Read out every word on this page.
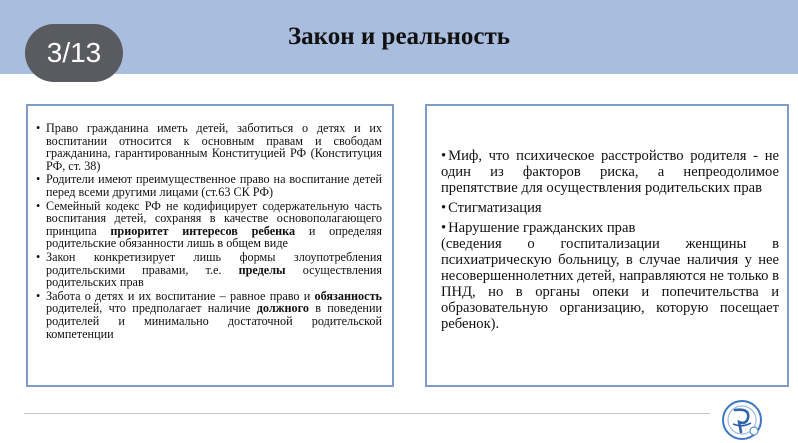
Закон и реальность
3/13
• Право гражданина иметь детей, заботиться о детях и их воспитании относится к основным правам и свободам гражданина, гарантированным Конституцией РФ (Конституция РФ, ст. 38)
• Родители имеют преимущественное право на воспитание детей перед всеми другими лицами (ст.63 СК РФ)
• Семейный кодекс РФ не кодифицирует содержательную часть воспитания детей, сохраняя в качестве основополагающего принципа приоритет интересов ребенка и определяя родительские обязанности лишь в общем виде
• Закон конкретизирует лишь формы злоупотребления родительскими правами, т.е. пределы осуществления родительских прав
• Забота о детях и их воспитание – равное право и обязанность родителей, что предполагает наличие должного в поведении родителей и минимально достаточной родительской компетенции

• Миф, что психическое расстройство родителя - не один из факторов риска, а непреодолимое препятствие для осуществления родительских прав

• Стигматизация

• Нарушение гражданских прав

(сведения о госпитализации женщины в психиатрическую больницу, в случае наличия у нее несовершеннолетних детей, направляются не только в ПНД, но в органы опеки и попечительства и образовательную организацию, которую посещает ребенок).
